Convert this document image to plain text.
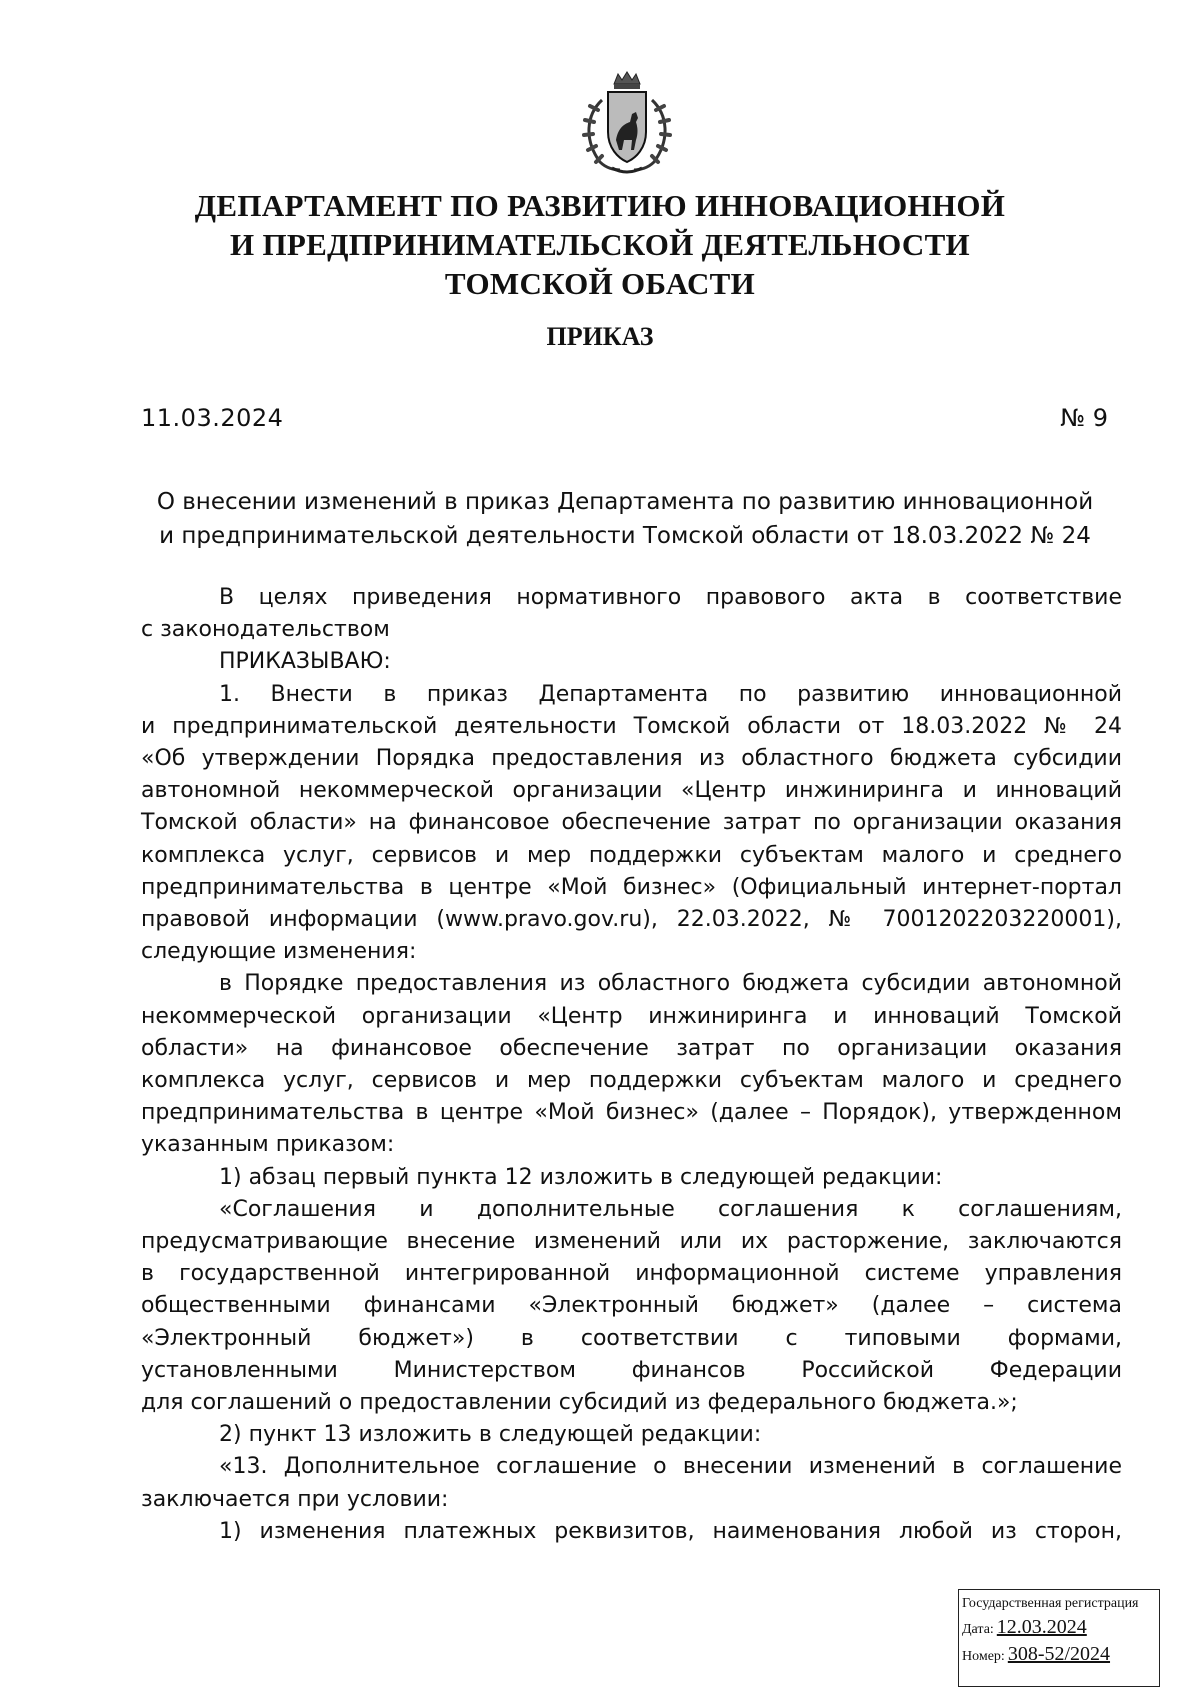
ДЕПАРТАМЕНТ ПО РАЗВИТИЮ ИННОВАЦИОННОЙ
И ПРЕДПРИНИМАТЕЛЬСКОЙ ДЕЯТЕЛЬНОСТИ
ТОМСКОЙ ОБАСТИ
ПРИКАЗ
11.03.2024	№ 9
О внесении изменений в приказ Департамента по развитию инновационной
и предпринимательской деятельности Томской области от 18.03.2022 № 24
В целях приведения нормативного правового акта в соответствие
с законодательством
ПРИКАЗЫВАЮ:
1. Внести в приказ Департамента по развитию инновационной
и предпринимательской деятельности Томской области от 18.03.2022 № 24
«Об утверждении Порядка предоставления из областного бюджета субсидии
автономной некоммерческой организации «Центр инжиниринга и инноваций
Томской области» на финансовое обеспечение затрат по организации оказания
комплекса услуг, сервисов и мер поддержки субъектам малого и среднего
предпринимательства в центре «Мой бизнес» (Официальный интернет-портал
правовой информации (www.pravo.gov.ru), 22.03.2022, № 7001202203220001),
следующие изменения:
в Порядке предоставления из областного бюджета субсидии автономной
некоммерческой организации «Центр инжиниринга и инноваций Томской
области» на финансовое обеспечение затрат по организации оказания
комплекса услуг, сервисов и мер поддержки субъектам малого и среднего
предпринимательства в центре «Мой бизнес» (далее – Порядок), утвержденном
указанным приказом:
1) абзац первый пункта 12 изложить в следующей редакции:
«Соглашения и дополнительные соглашения к соглашениям,
предусматривающие внесение изменений или их расторжение, заключаются
в государственной интегрированной информационной системе управления
общественными финансами «Электронный бюджет» (далее – система
«Электронный бюджет») в соответствии с типовыми формами,
установленными Министерством финансов Российской Федерации
для соглашений о предоставлении субсидий из федерального бюджета.»;
2) пункт 13 изложить в следующей редакции:
«13. Дополнительное соглашение о внесении изменений в соглашение
заключается при условии:
1) изменения платежных реквизитов, наименования любой из сторон,
Государственная регистрация
Дата: 12.03.2024
Номер: 308-52/2024
